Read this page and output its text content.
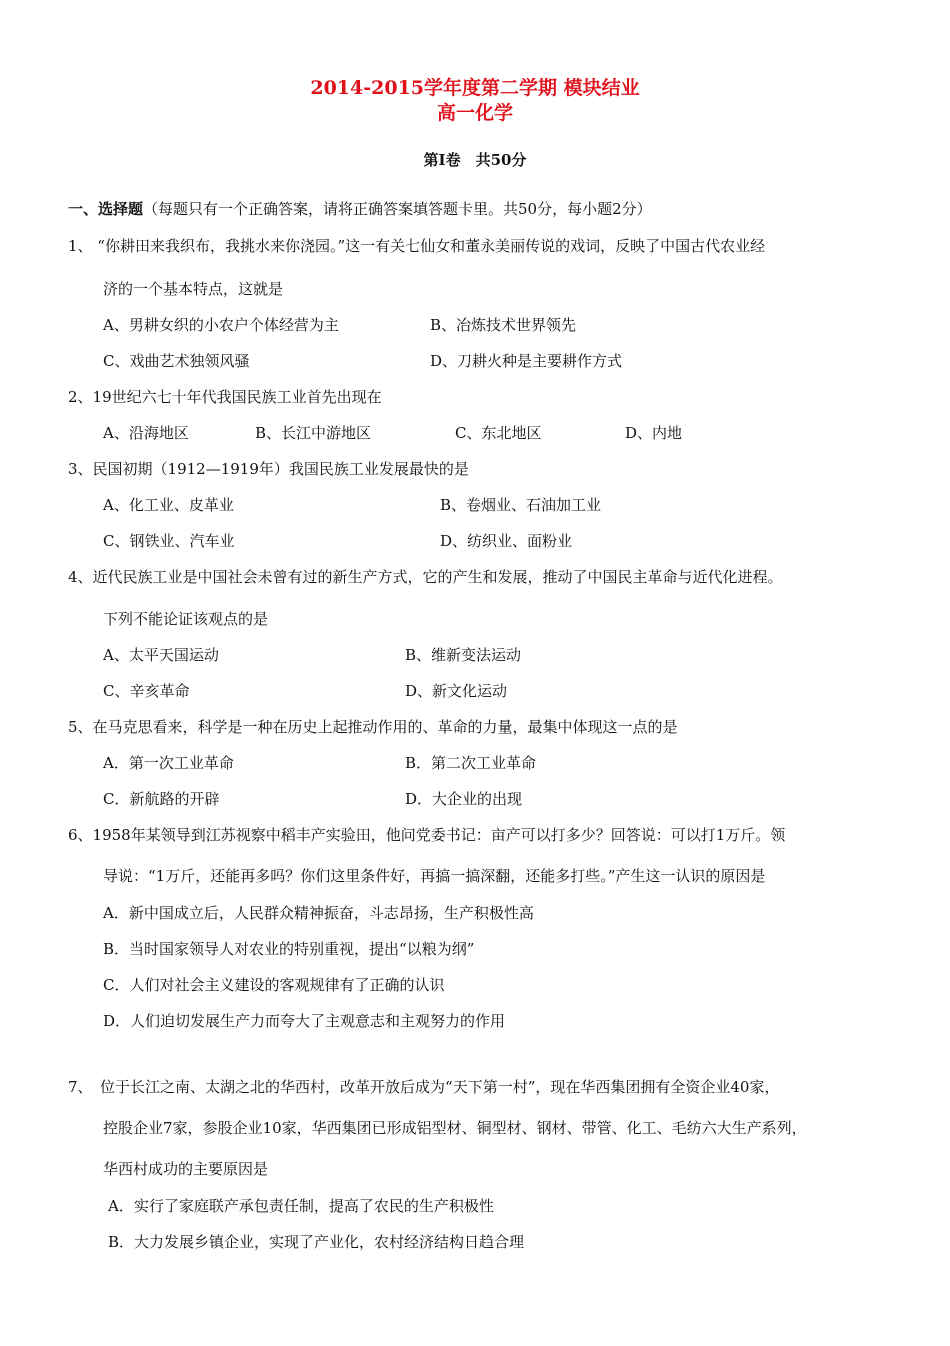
2014-2015学年度第二学期 模块结业
高一化学
第Ⅰ卷　共50分
一、选择题（每题只有一个正确答案，请将正确答案填答题卡里。共50分，每小题2分）
1、 “你耕田来我织布，我挑水来你浇园。”这一有关七仙女和董永美丽传说的戏词，反映了中国古代农业经
济的一个基本特点，这就是
A、男耕女织的小农户个体经营为主	B、冶炼技术世界领先
C、戏曲艺术独领风骚	D、刀耕火种是主要耕作方式
2、19世纪六七十年代我国民族工业首先出现在
A、沿海地区	B、长江中游地区	C、东北地区	D、内地
3、民国初期（1912—1919年）我国民族工业发展最快的是
A、化工业、皮革业	B、卷烟业、石油加工业
C、钢铁业、汽车业	D、纺织业、面粉业
4、近代民族工业是中国社会未曾有过的新生产方式，它的产生和发展，推动了中国民主革命与近代化进程。
下列不能论证该观点的是
A、太平天国运动	B、维新变法运动
C、辛亥革命	D、新文化运动
5、在马克思看来，科学是一种在历史上起推动作用的、革命的力量，最集中体现这一点的是
A．第一次工业革命	B．第二次工业革命
C．新航路的开辟	D．大企业的出现
6、1958年某领导到江苏视察中稻丰产实验田，他问党委书记：亩产可以打多少？回答说：可以打1万斤。领
导说：“1万斤，还能再多吗？你们这里条件好，再搞一搞深翻，还能多打些。”产生这一认识的原因是
A．新中国成立后，人民群众精神振奋，斗志昂扬，生产积极性高
B．当时国家领导人对农业的特别重视，提出“以粮为纲”
C．人们对社会主义建设的客观规律有了正确的认识
D．人们迫切发展生产力而夸大了主观意志和主观努力的作用
7、　位于长江之南、太湖之北的华西村，改革开放后成为“天下第一村”，现在华西集团拥有全资企业40家，
控股企业7家，参股企业10家，华西集团已形成铝型材、铜型材、钢材、带管、化工、毛纺六大生产系列，
华西村成功的主要原因是
A．实行了家庭联产承包责任制，提高了农民的生产积极性
B．大力发展乡镇企业，实现了产业化，农村经济结构日趋合理
